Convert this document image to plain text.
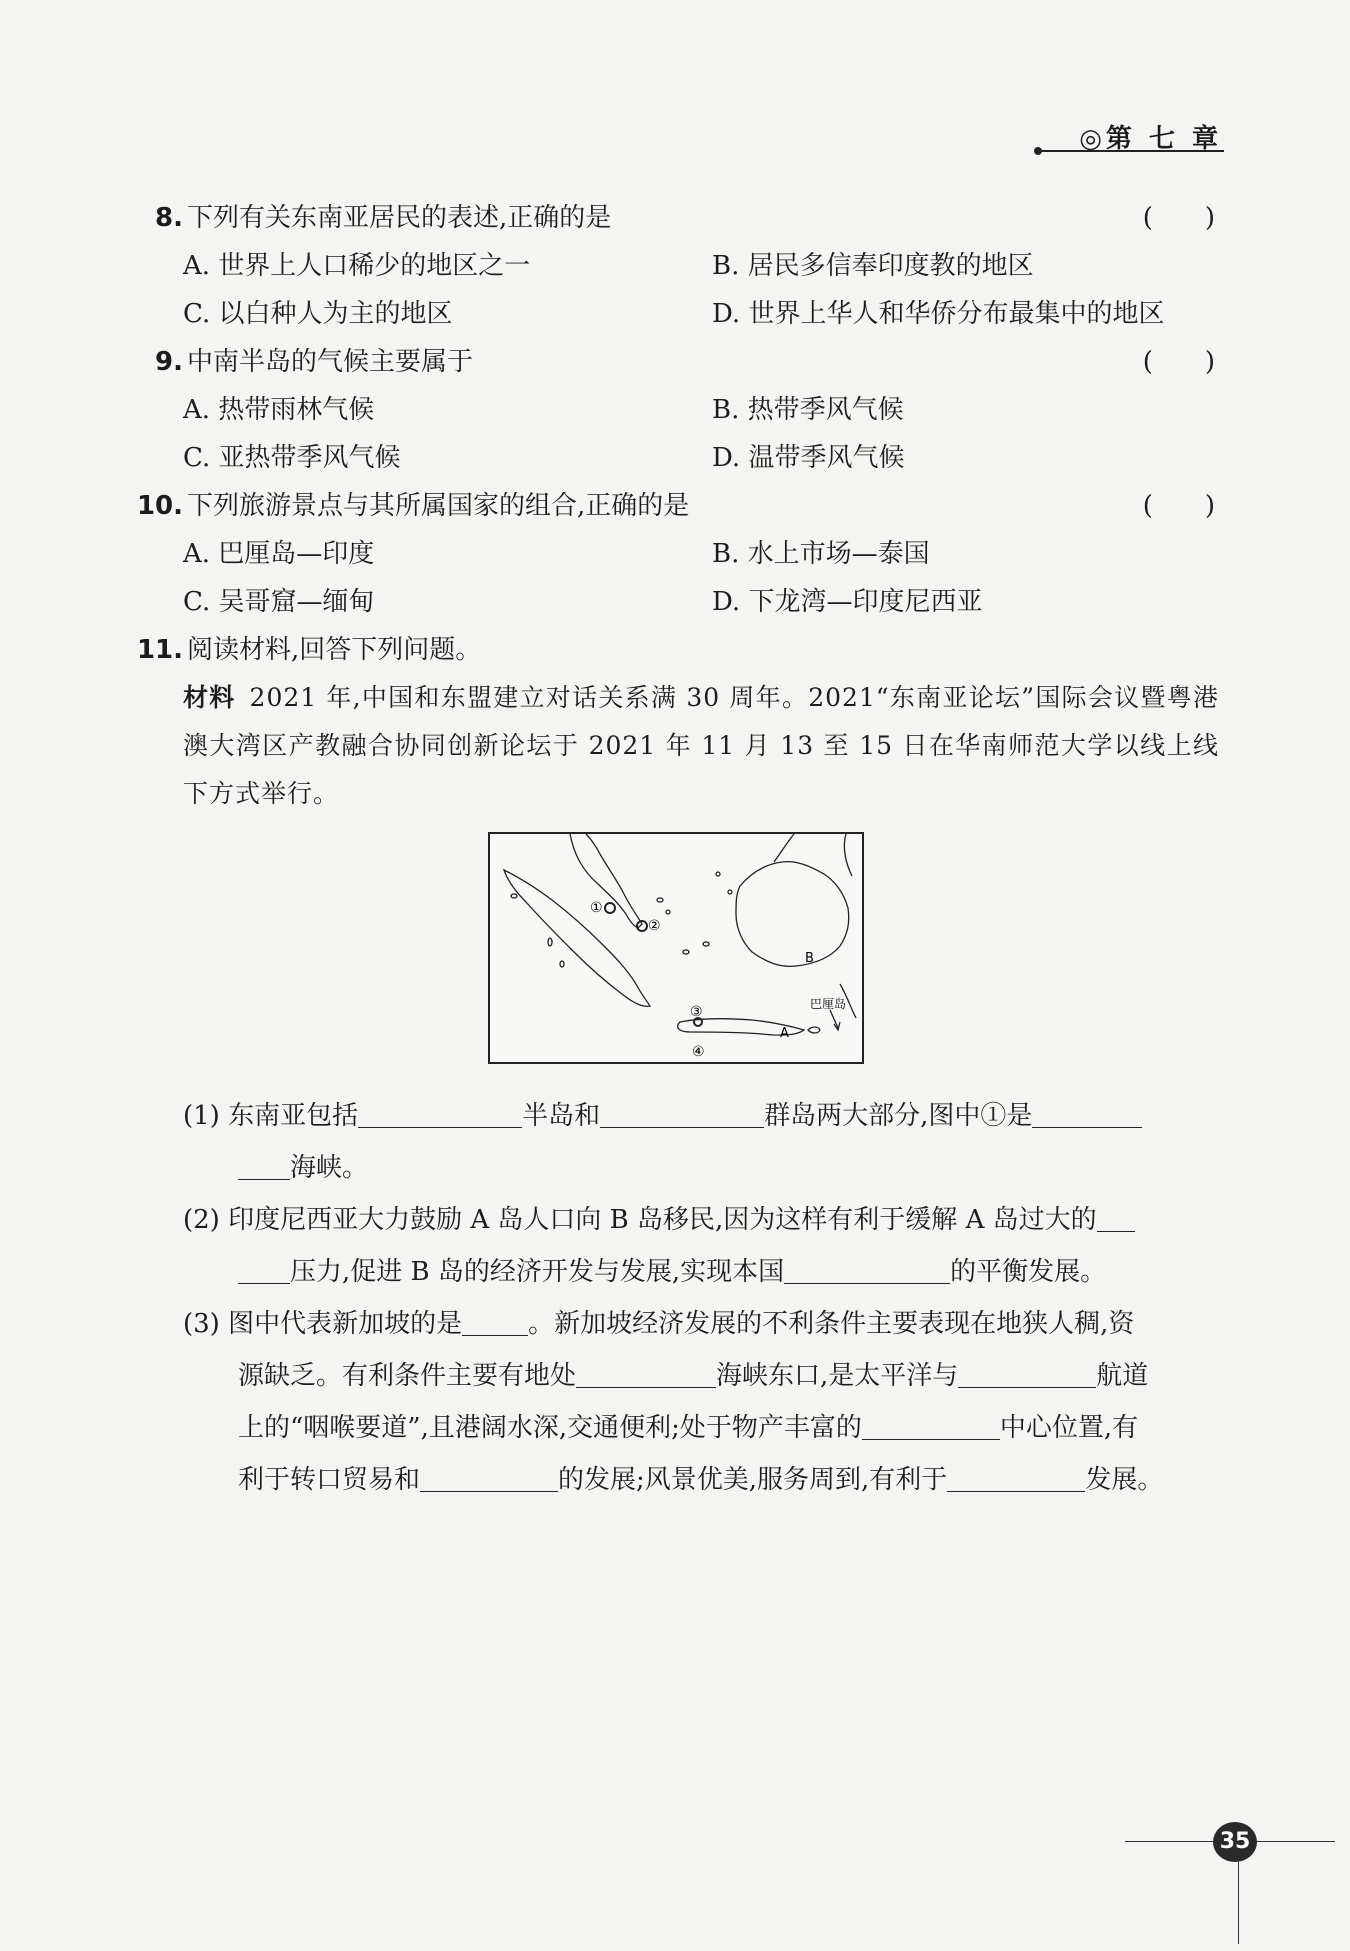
◎第 七 章
8. 下列有关东南亚居民的表述,正确的是	(　　)
A. 世界上人口稀少的地区之一	B. 居民多信奉印度教的地区
C. 以白种人为主的地区	D. 世界上华人和华侨分布最集中的地区
9. 中南半岛的气候主要属于	(　　)
A. 热带雨林气候	B. 热带季风气候
C. 亚热带季风气候	D. 温带季风气候
10. 下列旅游景点与其所属国家的组合,正确的是	(　　)
A. 巴厘岛—印度	B. 水上市场—泰国
C. 吴哥窟—缅甸	D. 下龙湾—印度尼西亚
11. 阅读材料,回答下列问题。
材料 2021 年,中国和东盟建立对话关系满 30 周年。2021“东南亚论坛”国际会议暨粤港澳大湾区产教融合协同创新论坛于 2021 年 11 月 13 至 15 日在华南师范大学以线上线下方式举行。
①
②
③
④
A
B
巴厘岛
(1) 东南亚包括	半岛和	群岛两大部分,图中①是
海峡。
(2) 印度尼西亚大力鼓励 A 岛人口向 B 岛移民,因为这样有利于缓解 A 岛过大的
压力,促进 B 岛的经济开发与发展,实现本国	的平衡发展。
(3) 图中代表新加坡的是	。新加坡经济发展的不利条件主要表现在地狭人稠,资
源缺乏。有利条件主要有地处	海峡东口,是太平洋与	航道
上的“咽喉要道”,且港阔水深,交通便利;处于物产丰富的	中心位置,有
利于转口贸易和	的发展;风景优美,服务周到,有利于	发展。
35
